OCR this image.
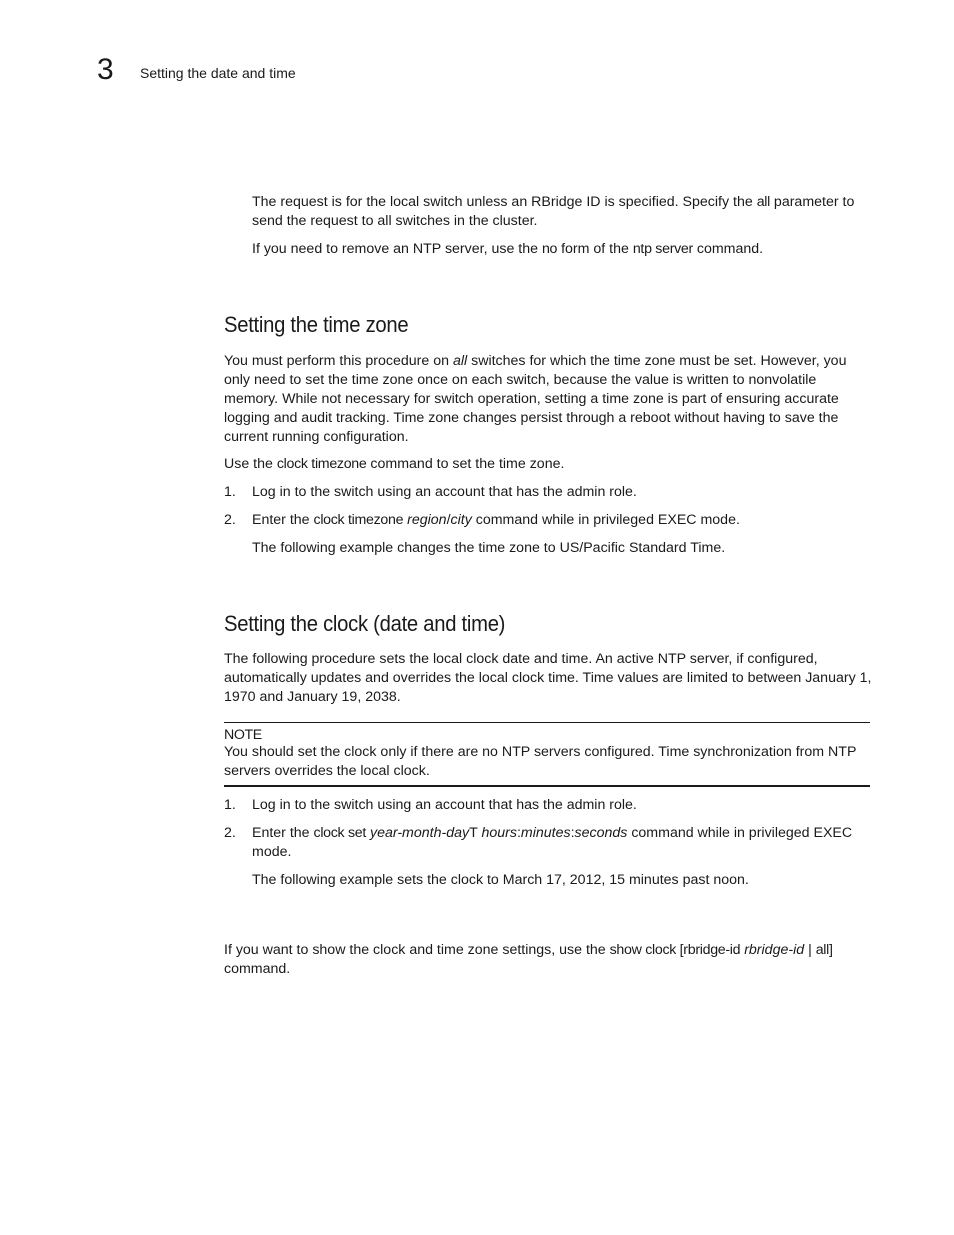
3 Setting the date and time

The request is for the local switch unless an RBridge ID is specified. Specify the all parameter to send the request to all switches in the cluster.

If you need to remove an NTP server, use the no form of the ntp server command.

Setting the time zone

You must perform this procedure on all switches for which the time zone must be set. However, you only need to set the time zone once on each switch, because the value is written to nonvolatile memory. While not necessary for switch operation, setting a time zone is part of ensuring accurate logging and audit tracking. Time zone changes persist through a reboot without having to save the current running configuration.

Use the clock timezone command to set the time zone.

1. Log in to the switch using an account that has the admin role.

2. Enter the clock timezone region/city command while in privileged EXEC mode.

The following example changes the time zone to US/Pacific Standard Time.

Setting the clock (date and time)

The following procedure sets the local clock date and time. An active NTP server, if configured, automatically updates and overrides the local clock time. Time values are limited to between January 1, 1970 and January 19, 2038.

NOTE
You should set the clock only if there are no NTP servers configured. Time synchronization from NTP servers overrides the local clock.
1. Log in to the switch using an account that has the admin role.

2. Enter the clock set year-month-dayT hours:minutes:seconds command while in privileged EXEC mode.

The following example sets the clock to March 17, 2012, 15 minutes past noon.

If you want to show the clock and time zone settings, use the show clock [rbridge-id rbridge-id | all] command.
